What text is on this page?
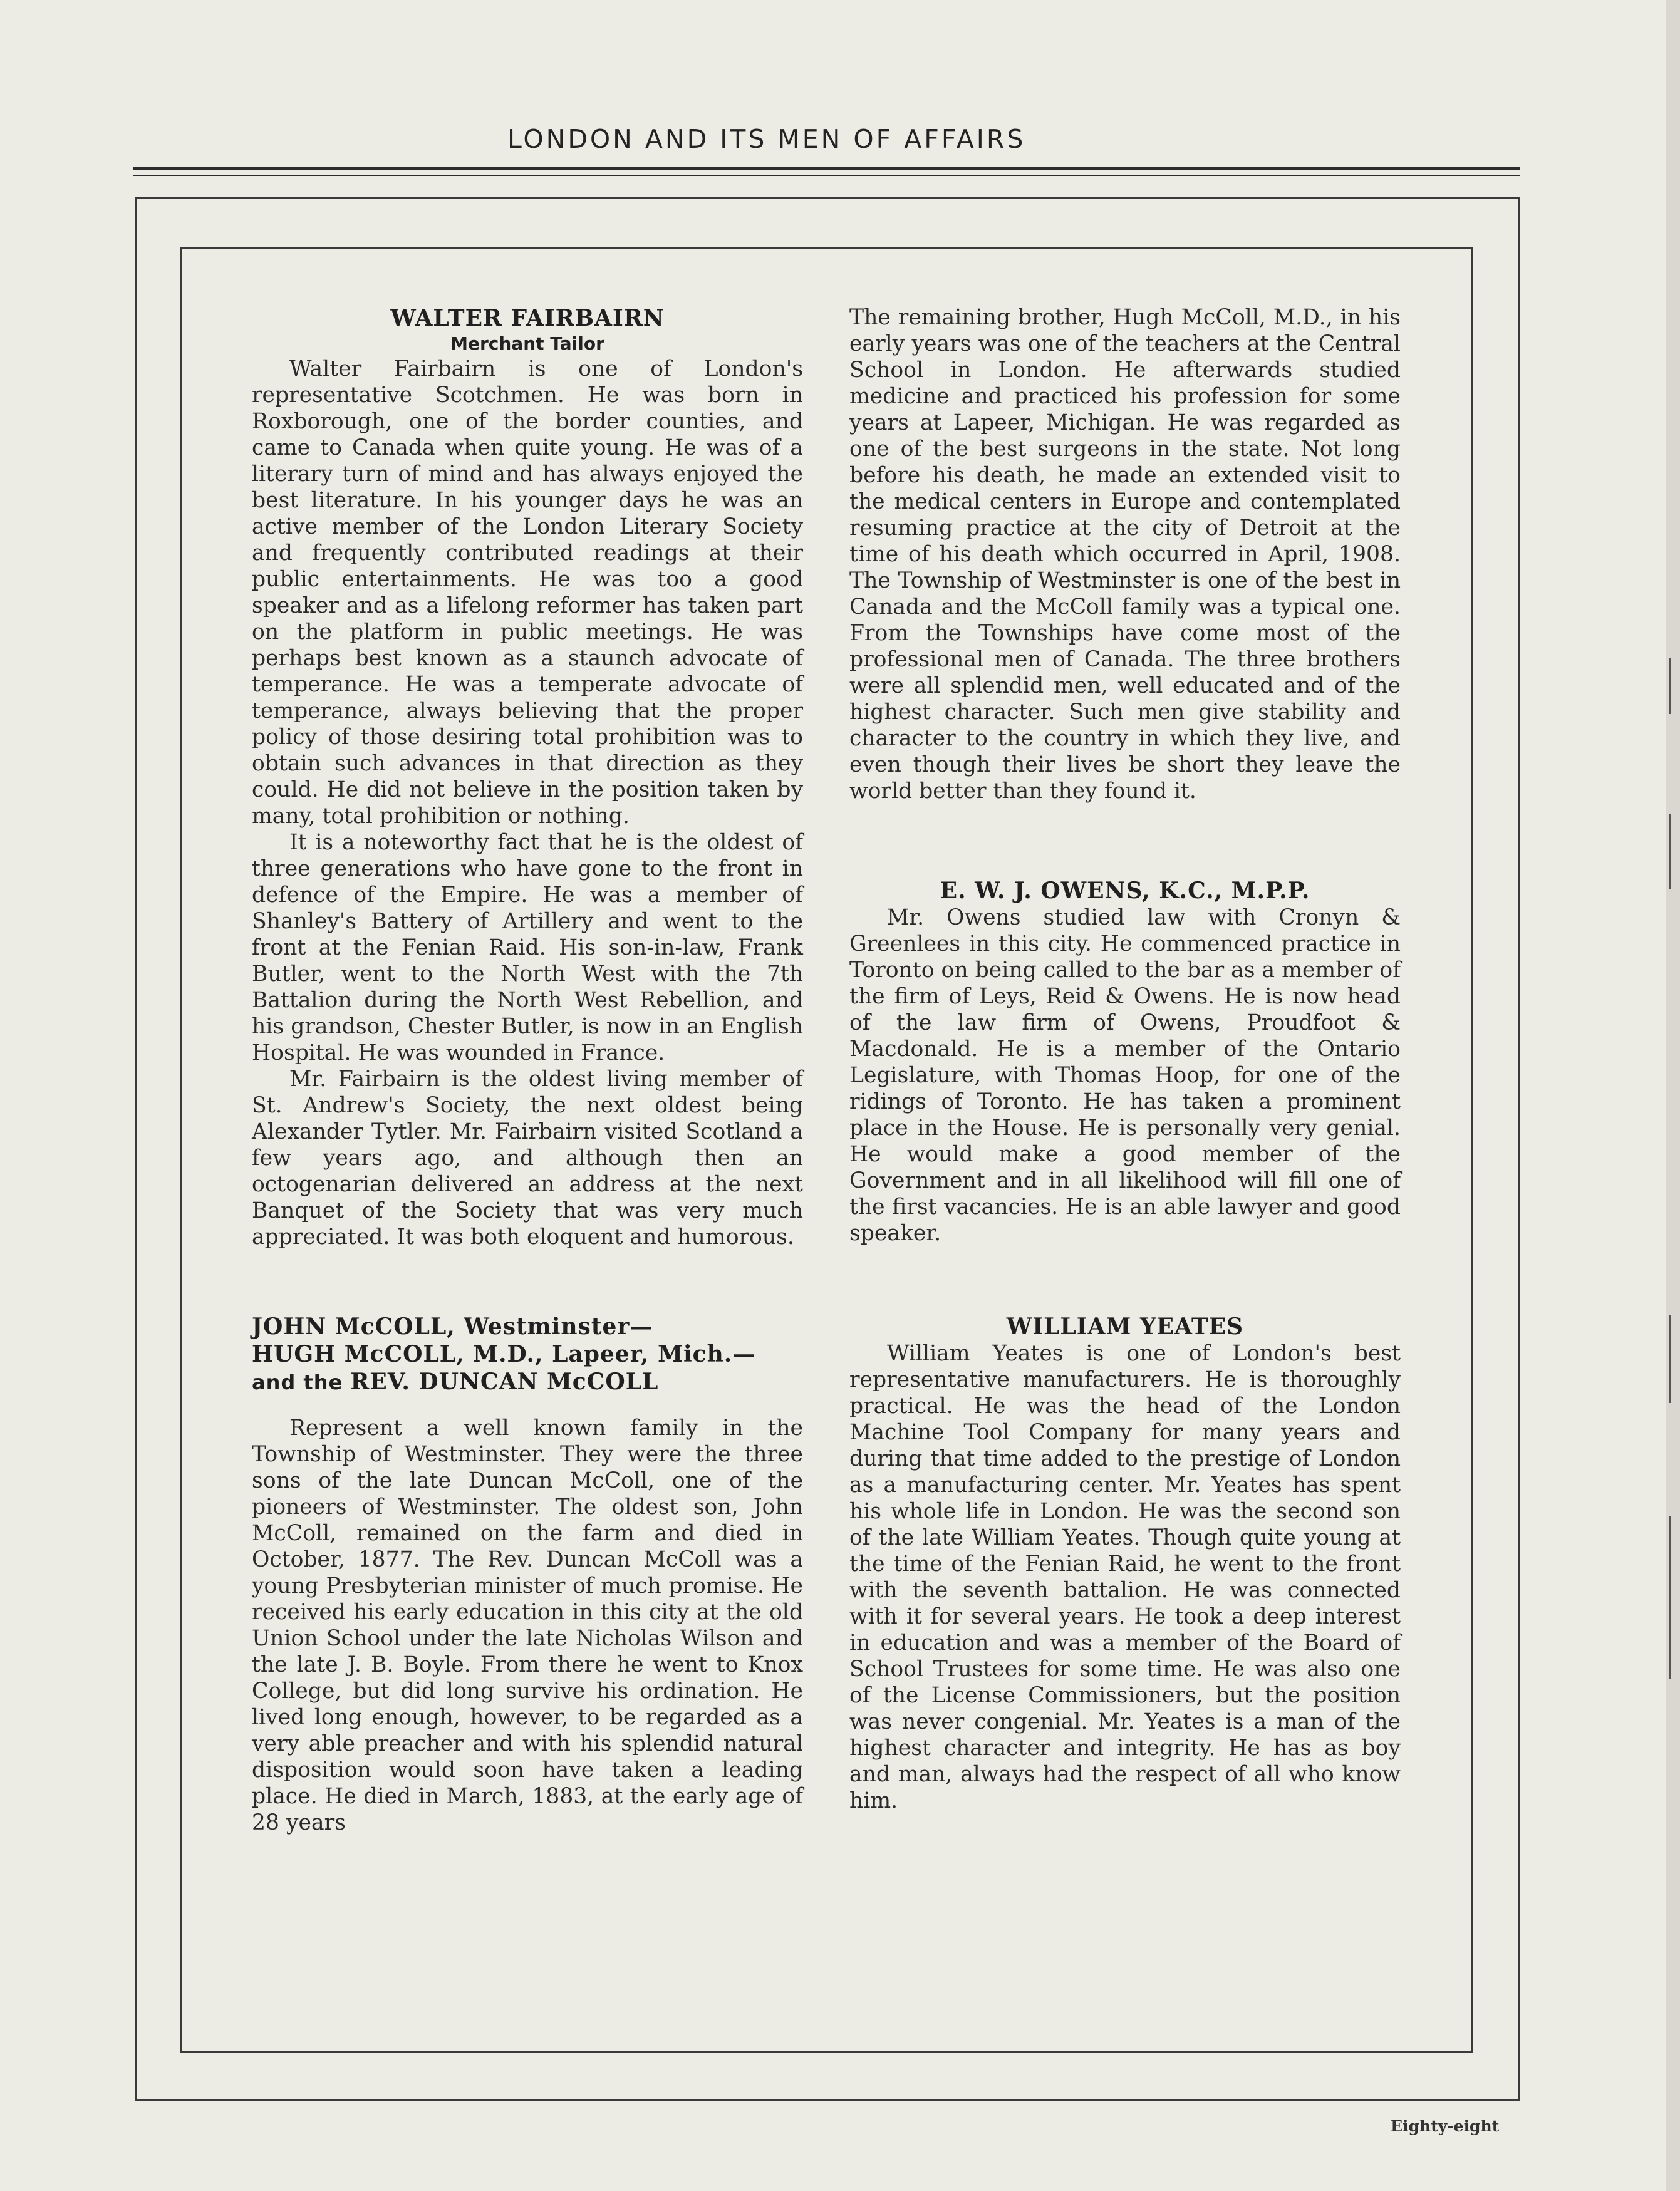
LONDON AND ITS MEN OF AFFAIRS
WALTER FAIRBAIRN
Merchant Tailor

Walter Fairbairn is one of London's representative Scotchmen. He was born in Roxborough, one of the border counties, and came to Canada when quite young. He was of a literary turn of mind and has always enjoyed the best literature. In his younger days he was an active member of the London Literary Society and frequently contributed readings at their public entertainments. He was too a good speaker and as a lifelong reformer has taken part on the platform in public meetings. He was perhaps best known as a staunch advocate of temperance. He was a temperate advocate of temperance, always believing that the proper policy of those desiring total prohibition was to obtain such advances in that direction as they could. He did not believe in the position taken by many, total prohibition or nothing.

It is a noteworthy fact that he is the oldest of three generations who have gone to the front in defence of the Empire. He was a member of Shanley's Battery of Artillery and went to the front at the Fenian Raid. His son-in-law, Frank Butler, went to the North West with the 7th Battalion during the North West Rebellion, and his grandson, Chester Butler, is now in an English Hospital. He was wounded in France.

Mr. Fairbairn is the oldest living member of St. Andrew's Society, the next oldest being Alexander Tytler. Mr. Fairbairn visited Scotland a few years ago, and although then an octogenarian delivered an address at the next Banquet of the Society that was very much appreciated. It was both eloquent and humorous.

JOHN McCOLL, Westminster—
HUGH McCOLL, M.D., Lapeer, Mich.—
and the REV. DUNCAN McCOLL

Represent a well known family in the Township of Westminster. They were the three sons of the late Duncan McColl, one of the pioneers of Westminster. The oldest son, John McColl, remained on the farm and died in October, 1877. The Rev. Duncan McColl was a young Presbyterian minister of much promise. He received his early education in this city at the old Union School under the late Nicholas Wilson and the late J. B. Boyle. From there he went to Knox College, but did long survive his ordination. He lived long enough, however, to be regarded as a very able preacher and with his splendid natural disposition would soon have taken a leading place. He died in March, 1883, at the early age of 28 years

The remaining brother, Hugh McColl, M.D., in his early years was one of the teachers at the Central School in London. He afterwards studied medicine and practiced his profession for some years at Lapeer, Michigan. He was regarded as one of the best surgeons in the state. Not long before his death, he made an extended visit to the medical centers in Europe and contemplated resuming practice at the city of Detroit at the time of his death which occurred in April, 1908. The Township of Westminster is one of the best in Canada and the McColl family was a typical one. From the Townships have come most of the professional men of Canada. The three brothers were all splendid men, well educated and of the highest character. Such men give stability and character to the country in which they live, and even though their lives be short they leave the world better than they found it.

E. W. J. OWENS, K.C., M.P.P.

Mr. Owens studied law with Cronyn & Greenlees in this city. He commenced practice in Toronto on being called to the bar as a member of the firm of Leys, Reid & Owens. He is now head of the law firm of Owens, Proudfoot & Macdonald. He is a member of the Ontario Legislature, with Thomas Hoop, for one of the ridings of Toronto. He has taken a prominent place in the House. He is personally very genial. He would make a good member of the Government and in all likelihood will fill one of the first vacancies. He is an able lawyer and good speaker.

WILLIAM YEATES

William Yeates is one of London's best representative manufacturers. He is thoroughly practical. He was the head of the London Machine Tool Company for many years and during that time added to the prestige of London as a manufacturing center. Mr. Yeates has spent his whole life in London. He was the second son of the late William Yeates. Though quite young at the time of the Fenian Raid, he went to the front with the seventh battalion. He was connected with it for several years. He took a deep interest in education and was a member of the Board of School Trustees for some time. He was also one of the License Commissioners, but the position was never congenial. Mr. Yeates is a man of the highest character and integrity. He has as boy and man, always had the respect of all who know him.

Eighty-eight
